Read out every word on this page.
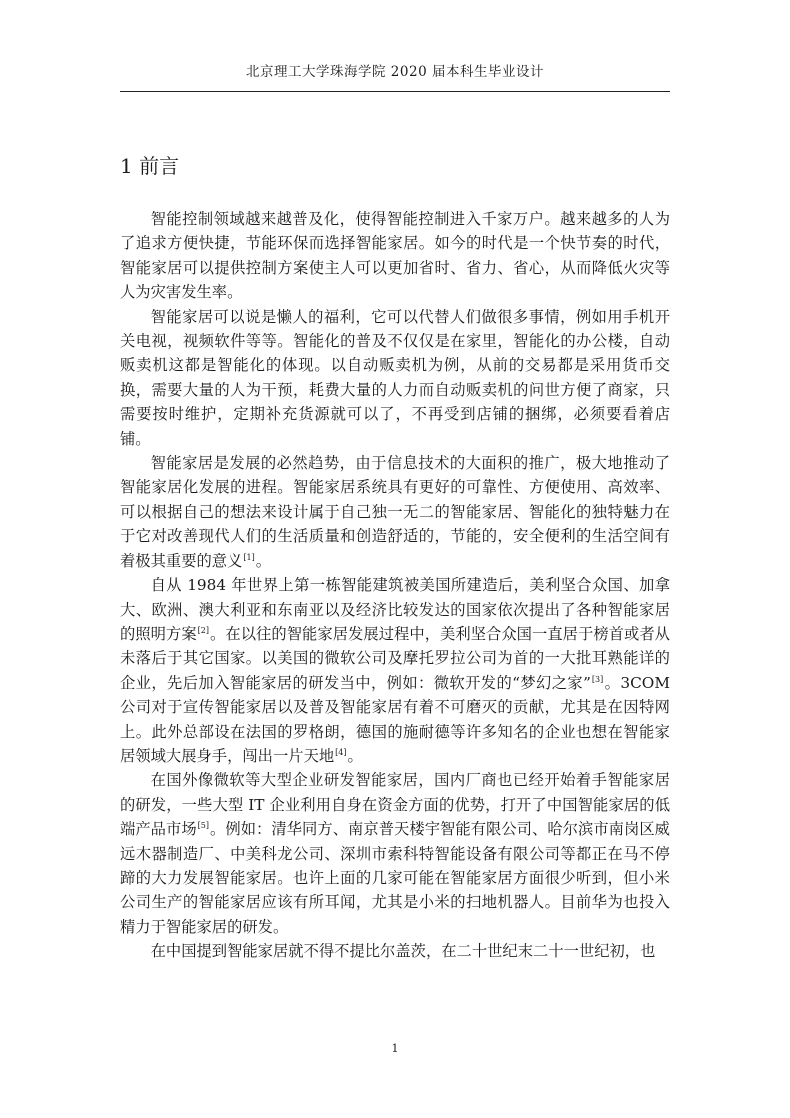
北京理工大学珠海学院 2020 届本科生毕业设计
1 前言

智能控制领域越来越普及化，使得智能控制进入千家万户。越来越多的人为了追求方便快捷，节能环保而选择智能家居。如今的时代是一个快节奏的时代，智能家居可以提供控制方案使主人可以更加省时、省力、省心，从而降低火灾等人为灾害发生率。

智能家居可以说是懒人的福利，它可以代替人们做很多事情，例如用手机开关电视，视频软件等等。智能化的普及不仅仅是在家里，智能化的办公楼，自动贩卖机这都是智能化的体现。以自动贩卖机为例，从前的交易都是采用货币交换，需要大量的人为干预，耗费大量的人力而自动贩卖机的问世方便了商家，只需要按时维护，定期补充货源就可以了，不再受到店铺的捆绑，必须要看着店铺。

智能家居是发展的必然趋势，由于信息技术的大面积的推广，极大地推动了智能家居化发展的进程。智能家居系统具有更好的可靠性、方便使用、高效率、可以根据自己的想法来设计属于自己独一无二的智能家居、智能化的独特魅力在于它对改善现代人们的生活质量和创造舒适的，节能的，安全便利的生活空间有着极其重要的意义[1]。

自从 1984 年世界上第一栋智能建筑被美国所建造后，美利坚合众国、加拿大、欧洲、澳大利亚和东南亚以及经济比较发达的国家依次提出了各种智能家居的照明方案[2]。在以往的智能家居发展过程中，美利坚合众国一直居于榜首或者从未落后于其它国家。以美国的微软公司及摩托罗拉公司为首的一大批耳熟能详的企业，先后加入智能家居的研发当中，例如：微软开发的“梦幻之家”[3]。3COM 公司对于宣传智能家居以及普及智能家居有着不可磨灭的贡献，尤其是在因特网上。此外总部设在法国的罗格朗，德国的施耐德等许多知名的企业也想在智能家居领域大展身手，闯出一片天地[4]。

在国外像微软等大型企业研发智能家居，国内厂商也已经开始着手智能家居的研发，一些大型 IT 企业利用自身在资金方面的优势，打开了中国智能家居的低端产品市场[5]。例如：清华同方、南京普天楼宇智能有限公司、哈尔滨市南岗区威远木器制造厂、中美科龙公司、深圳市索科特智能设备有限公司等都正在马不停蹄的大力发展智能家居。也许上面的几家可能在智能家居方面很少听到，但小米公司生产的智能家居应该有所耳闻，尤其是小米的扫地机器人。目前华为也投入精力于智能家居的研发。

在中国提到智能家居就不得不提比尔盖茨，在二十世纪末二十一世纪初，也

1
